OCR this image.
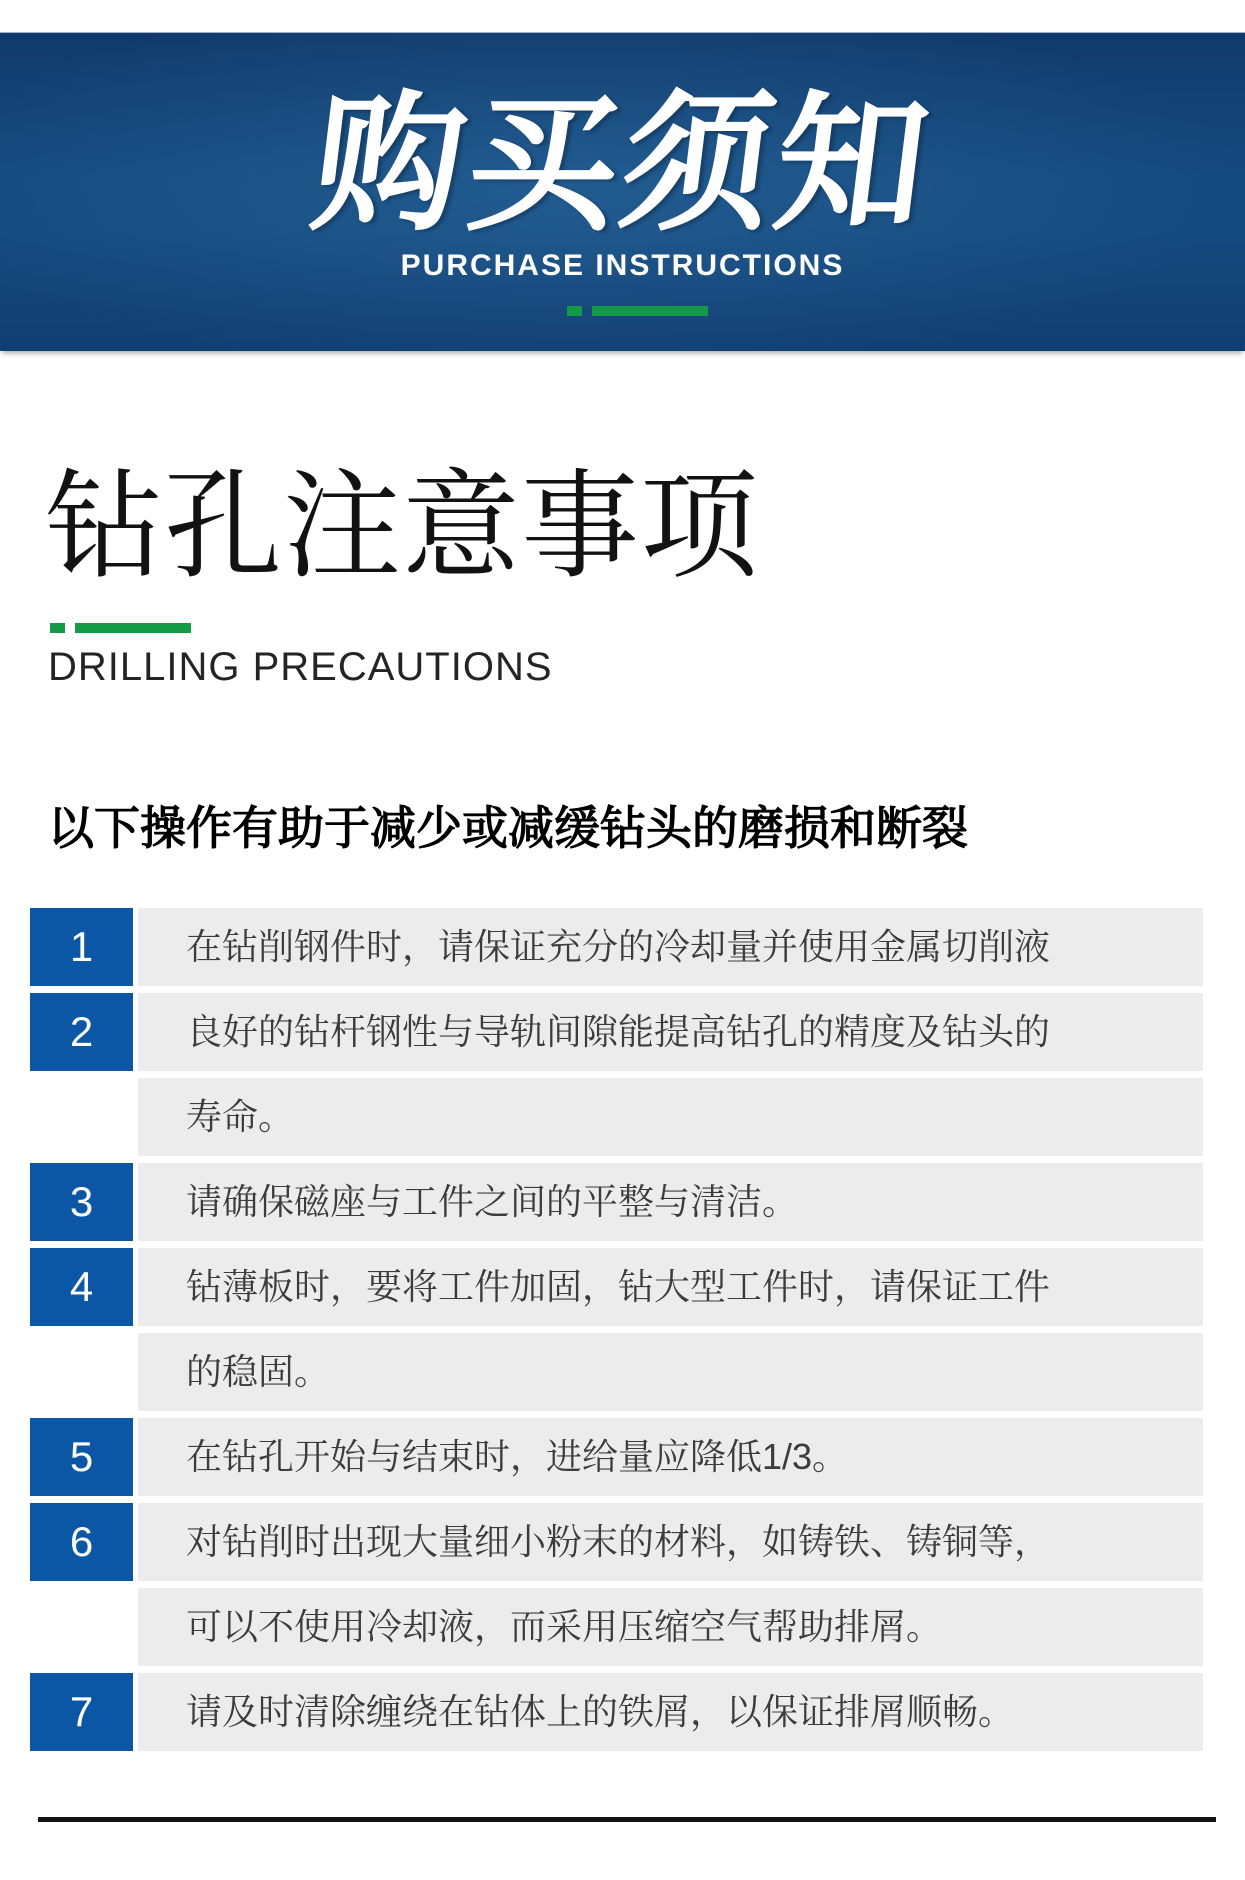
购买须知
PURCHASE INSTRUCTIONS
钻孔注意事项
DRILLING PRECAUTIONS
以下操作有助于减少或减缓钻头的磨损和断裂
1	在钻削钢件时，请保证充分的冷却量并使用金属切削液
2	良好的钻杆钢性与导轨间隙能提高钻孔的精度及钻头的
寿命。
3	请确保磁座与工件之间的平整与清洁。
4	钻薄板时，要将工件加固，钻大型工件时，请保证工件
的稳固。
5	在钻孔开始与结束时，进给量应降低1/3。
6	对钻削时出现大量细小粉末的材料，如铸铁、铸铜等，
可以不使用冷却液，而采用压缩空气帮助排屑。
7	请及时清除缠绕在钻体上的铁屑，以保证排屑顺畅。
